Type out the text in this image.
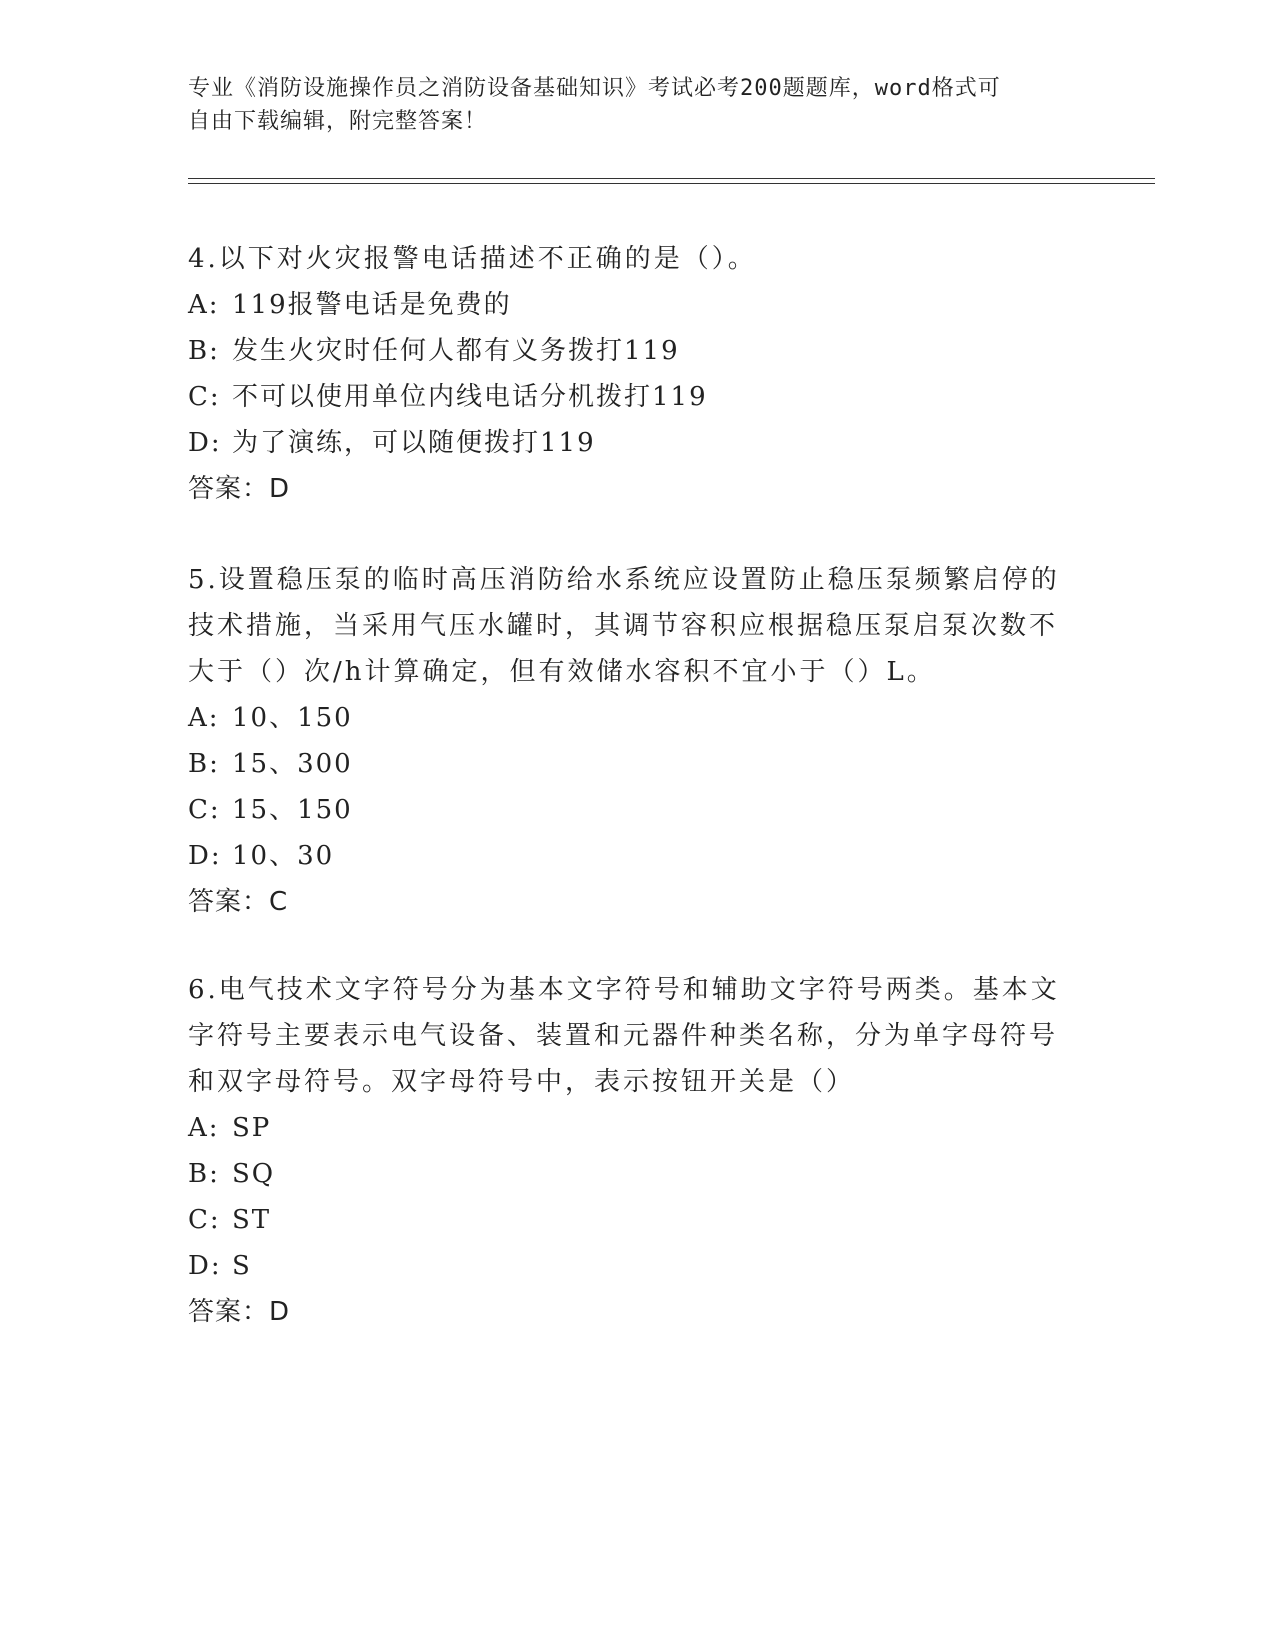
专业《消防设施操作员之消防设备基础知识》考试必考200题题库，word格式可
自由下载编辑，附完整答案！

4.以下对火灾报警电话描述不正确的是（）。

A: 119报警电话是免费的

B: 发生火灾时任何人都有义务拨打119

C: 不可以使用单位内线电话分机拨打119

D: 为了演练，可以随便拨打119

答案：D

5.设置稳压泵的临时高压消防给水系统应设置防止稳压泵频繁启停的技术措施，当采用气压水罐时，其调节容积应根据稳压泵启泵次数不大于（）次/h计算确定，但有效储水容积不宜小于（）L。

A: 10、150

B: 15、300

C: 15、150

D: 10、30

答案：C

6.电气技术文字符号分为基本文字符号和辅助文字符号两类。基本文字符号主要表示电气设备、装置和元器件种类名称，分为单字母符号和双字母符号。双字母符号中，表示按钮开关是（）

A: SP

B: SQ

C: ST

D: S

答案：D
